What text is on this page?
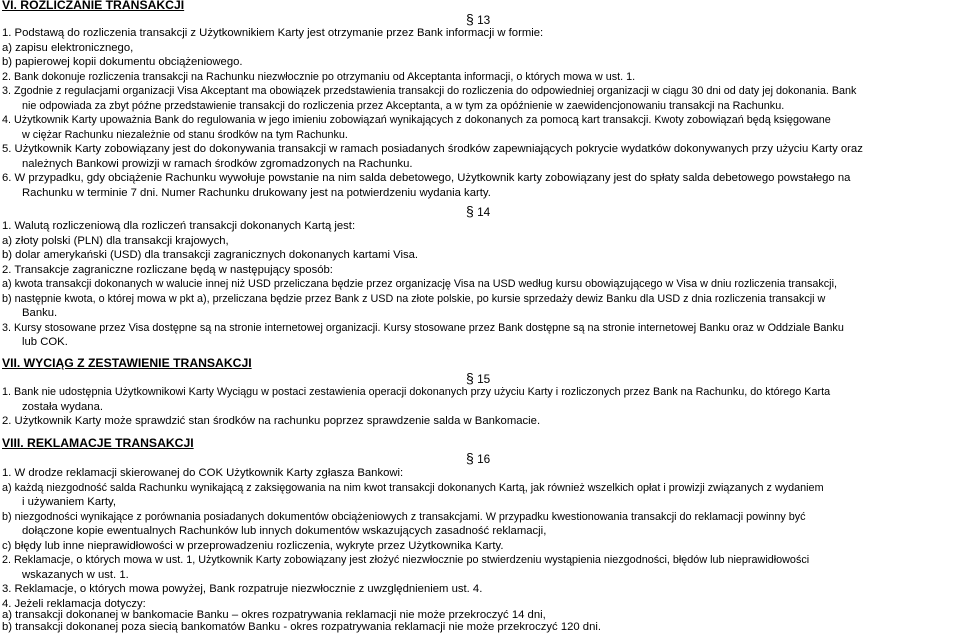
VI. ROZLICZANIE TRANSAKCJI
§ 13
1. Podstawą do rozliczenia transakcji z Użytkownikiem Karty jest otrzymanie przez Bank informacji w formie:
a) zapisu elektronicznego,
b) papierowej kopii dokumentu obciążeniowego.
2. Bank dokonuje rozliczenia transakcji na Rachunku niezwłocznie po otrzymaniu od Akceptanta informacji, o których mowa w ust. 1.
3. Zgodnie z regulacjami organizacji Visa Akceptant ma obowiązek przedstawienia transakcji do rozliczenia do odpowiedniej organizacji w ciągu 30 dni od daty jej dokonania. Bank
nie odpowiada za zbyt późne przedstawienie transakcji do rozliczenia przez Akceptanta, a w tym za opóźnienie w zaewidencjonowaniu transakcji na Rachunku.
4. Użytkownik Karty upoważnia Bank do regulowania w jego imieniu zobowiązań wynikających z dokonanych za pomocą kart transakcji. Kwoty zobowiązań będą księgowane
w ciężar Rachunku niezależnie od stanu środków na tym Rachunku.
5. Użytkownik Karty zobowiązany jest do dokonywania transakcji w ramach posiadanych środków zapewniających pokrycie wydatków dokonywanych przy użyciu Karty oraz
należnych Bankowi prowizji w ramach środków zgromadzonych na Rachunku.
6. W przypadku, gdy obciążenie Rachunku wywołuje powstanie na nim salda debetowego, Użytkownik karty zobowiązany jest do spłaty salda debetowego powstałego na
Rachunku w terminie 7 dni. Numer Rachunku drukowany jest na potwierdzeniu wydania karty.
§ 14
1. Walutą rozliczeniową dla rozliczeń transakcji dokonanych Kartą jest:
a) złoty polski (PLN) dla transakcji krajowych,
b) dolar amerykański (USD) dla transakcji zagranicznych dokonanych kartami Visa.
2. Transakcje zagraniczne rozliczane będą w następujący sposób:
a) kwota transakcji dokonanych w walucie innej niż USD przeliczana będzie przez organizację Visa na USD według kursu obowiązującego w Visa w dniu rozliczenia transakcji,
b) następnie kwota, o której mowa w pkt a), przeliczana będzie przez Bank z USD na złote polskie, po kursie sprzedaży dewiz Banku dla USD z dnia rozliczenia transakcji w
Banku.
3. Kursy stosowane przez Visa dostępne są na stronie internetowej organizacji. Kursy stosowane przez Bank dostępne są na stronie internetowej Banku oraz w Oddziale Banku
lub COK.
VII. WYCIĄG Z ZESTAWIENIE TRANSAKCJI
§ 15
1. Bank nie udostępnia Użytkownikowi Karty Wyciągu w postaci zestawienia operacji dokonanych przy użyciu Karty i rozliczonych przez Bank na Rachunku, do którego Karta
została wydana.
2. Użytkownik Karty może sprawdzić stan środków na rachunku poprzez sprawdzenie salda w Bankomacie.
VIII. REKLAMACJE TRANSAKCJI
§ 16
1. W drodze reklamacji skierowanej do COK Użytkownik Karty zgłasza Bankowi:
a) każdą niezgodność salda Rachunku wynikającą z zaksięgowania na nim kwot transakcji dokonanych Kartą, jak również wszelkich opłat i prowizji związanych z wydaniem
i używaniem Karty,
b) niezgodności wynikające z porównania posiadanych dokumentów obciążeniowych z transakcjami. W przypadku kwestionowania transakcji do reklamacji powinny być
dołączone kopie ewentualnych Rachunków lub innych dokumentów wskazujących zasadność reklamacji,
c) błędy lub inne nieprawidłowości w przeprowadzeniu rozliczenia, wykryte przez Użytkownika Karty.
2. Reklamacje, o których mowa w ust. 1, Użytkownik Karty zobowiązany jest złożyć niezwłocznie po stwierdzeniu wystąpienia niezgodności, błędów lub nieprawidłowości
wskazanych w ust. 1.
3. Reklamacje, o których mowa powyżej, Bank rozpatruje niezwłocznie z uwzględnieniem ust. 4.
4. Jeżeli reklamacja dotyczy:
a) transakcji dokonanej w bankomacie Banku – okres rozpatrywania reklamacji nie może przekroczyć 14 dni,
b) transakcji dokonanej poza siecią bankomatów Banku - okres rozpatrywania reklamacji nie może przekroczyć 120 dni.
